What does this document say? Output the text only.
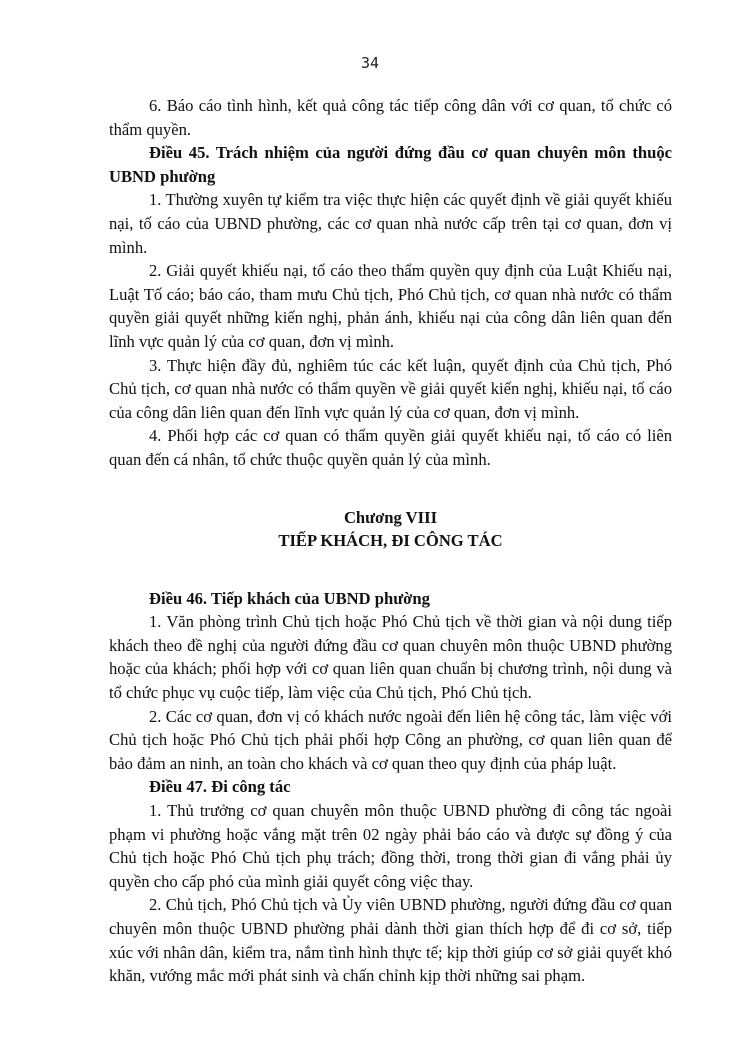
34

6. Báo cáo tình hình, kết quả công tác tiếp công dân với cơ quan, tổ chức có thẩm quyền.

Điều 45. Trách nhiệm của người đứng đầu cơ quan chuyên môn thuộc UBND phường

1. Thường xuyên tự kiểm tra việc thực hiện các quyết định về giải quyết khiếu nại, tố cáo của UBND phường, các cơ quan nhà nước cấp trên tại cơ quan, đơn vị mình.

2. Giải quyết khiếu nại, tố cáo theo thẩm quyền quy định của Luật Khiếu nại, Luật Tố cáo; báo cáo, tham mưu Chủ tịch, Phó Chủ tịch, cơ quan nhà nước có thẩm quyền giải quyết những kiến nghị, phản ánh, khiếu nại của công dân liên quan đến lĩnh vực quản lý của cơ quan, đơn vị mình.

3. Thực hiện đầy đủ, nghiêm túc các kết luận, quyết định của Chủ tịch, Phó Chủ tịch, cơ quan nhà nước có thẩm quyền về giải quyết kiến nghị, khiếu nại, tố cáo của công dân liên quan đến lĩnh vực quản lý của cơ quan, đơn vị mình.

4. Phối hợp các cơ quan có thẩm quyền giải quyết khiếu nại, tố cáo có liên quan đến cá nhân, tổ chức thuộc quyền quản lý của mình.

Chương VIII

TIẾP KHÁCH, ĐI CÔNG TÁC

Điều 46. Tiếp khách của UBND phường

1. Văn phòng trình Chủ tịch hoặc Phó Chủ tịch về thời gian và nội dung tiếp khách theo đề nghị của người đứng đầu cơ quan chuyên môn thuộc UBND phường hoặc của khách; phối hợp với cơ quan liên quan chuẩn bị chương trình, nội dung và tổ chức phục vụ cuộc tiếp, làm việc của Chủ tịch, Phó Chủ tịch.

2. Các cơ quan, đơn vị có khách nước ngoài đến liên hệ công tác, làm việc với Chủ tịch hoặc Phó Chủ tịch phải phối hợp Công an phường, cơ quan liên quan để bảo đảm an ninh, an toàn cho khách và cơ quan theo quy định của pháp luật.

Điều 47. Đi công tác

1. Thủ trưởng cơ quan chuyên môn thuộc UBND phường đi công tác ngoài phạm vi phường hoặc vắng mặt trên 02 ngày phải báo cáo và được sự đồng ý của Chủ tịch hoặc Phó Chủ tịch phụ trách; đồng thời, trong thời gian đi vắng phải ủy quyền cho cấp phó của mình giải quyết công việc thay.

2. Chủ tịch, Phó Chủ tịch và Ủy viên UBND phường, người đứng đầu cơ quan chuyên môn thuộc UBND phường phải dành thời gian thích hợp để đi cơ sở, tiếp xúc với nhân dân, kiểm tra, nắm tình hình thực tế; kịp thời giúp cơ sở giải quyết khó khăn, vướng mắc mới phát sinh và chấn chỉnh kịp thời những sai phạm.
